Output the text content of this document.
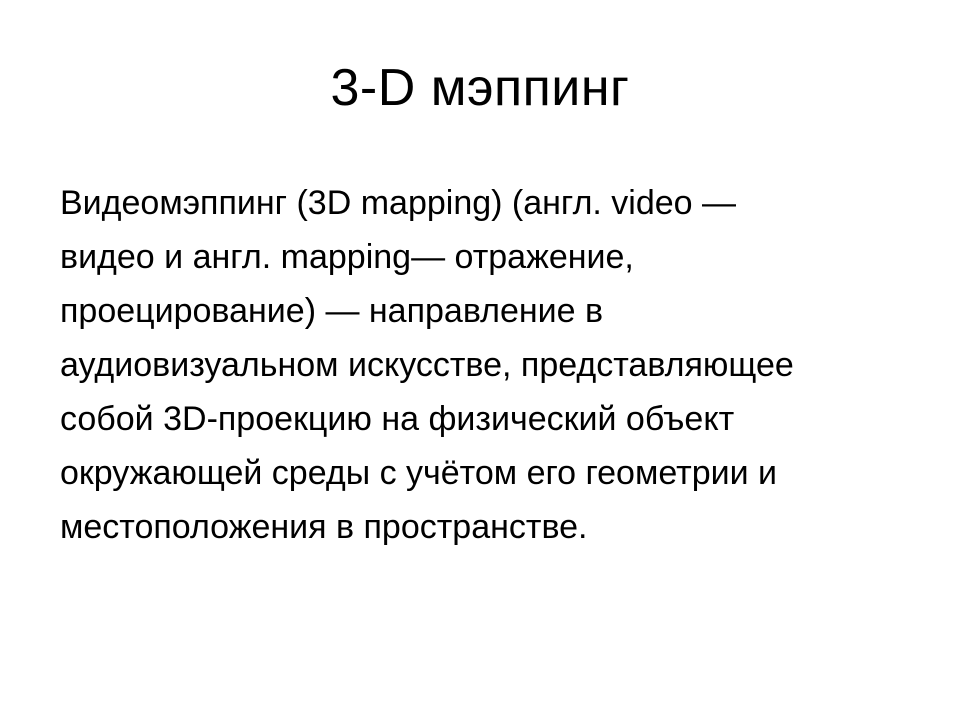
3-D мэппинг
Видеомэппинг (3D mapping) (англ. video —
видео и англ. mapping— отражение,
проецирование) — направление в
аудиовизуальном искусстве, представляющее
собой 3D-проекцию на физический объект
окружающей среды с учётом его геометрии и
местоположения в пространстве.
